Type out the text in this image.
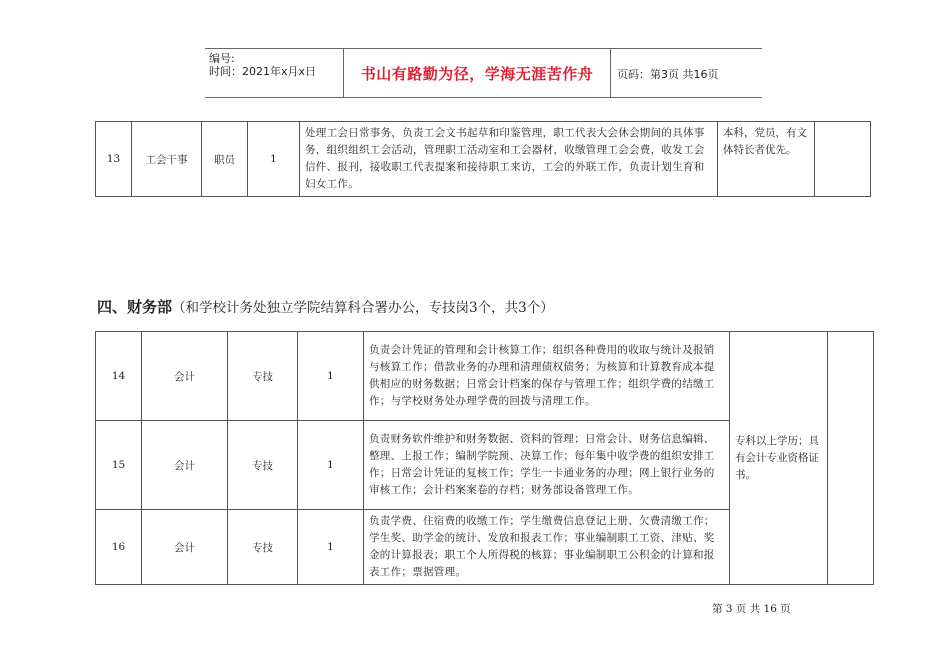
编号:
时间：2021年x月x日	书山有路勤为径，学海无涯苦作舟	页码：第3页 共16页
13	工会干事	职员	1	处理工会日常事务，负责工会文书起草和印鉴管理，职工代表大会休会期间的具体事务，组织组织工会活动，管理职工活动室和工会器材，收缴管理工会会费，收发工会信件、报刊，接收职工代表提案和接待职工来访，工会的外联工作，负责计划生育和妇女工作。	本科，党员，有文体特长者优先。	
四、财务部（和学校计务处独立学院结算科合署办公，专技岗3个，共3个）
14	会计	专技	1	负责会计凭证的管理和会计核算工作；组织各种费用的收取与统计及报销与核算工作；借款业务的办理和清理债权债务；为核算和计算教育成本提供相应的财务数据；日常会计档案的保存与管理工作；组织学费的结缴工作；与学校财务处办理学费的回拨与清理工作。	专科以上学历；具有会计专业资格证书。	
15	会计	专技	1	负责财务软件维护和财务数据、资料的管理；日常会计、财务信息编辑、整理、上报工作；编制学院预、决算工作；每年集中收学费的组织安排工作；日常会计凭证的复核工作；学生一卡通业务的办理；网上银行业务的审核工作；会计档案案卷的存档；财务部设备管理工作。		
16	会计	专技	1	负责学费、住宿费的收缴工作；学生缴费信息登记上册、欠费清缴工作；学生奖、助学金的统计、发放和报表工作；事业编制职工工资、津贴、奖金的计算报表；职工个人所得税的核算；事业编制职工公积金的计算和报表工作；票据管理。		
第 3 页 共 16 页
